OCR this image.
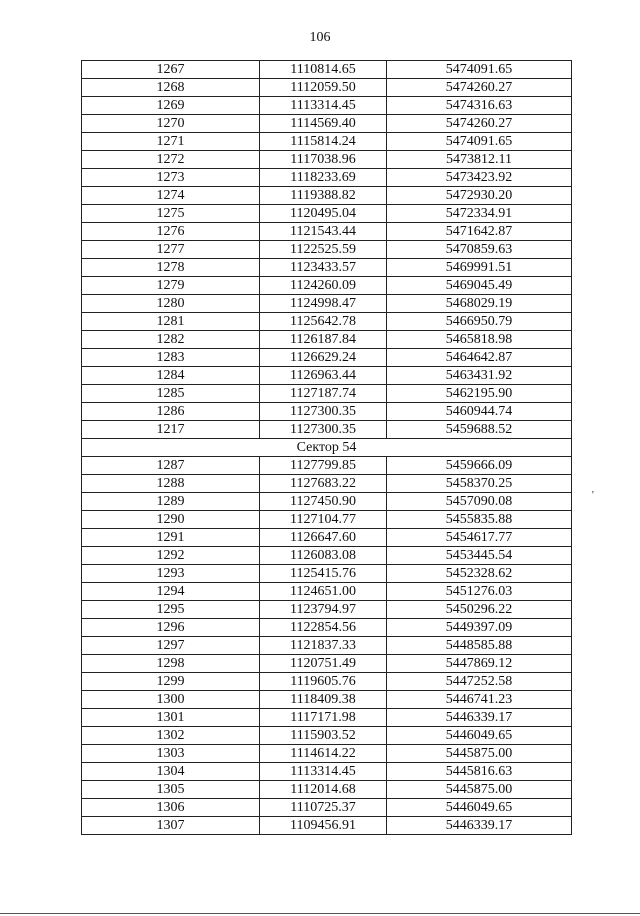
106
1267	1110814.65	5474091.65
1268	1112059.50	5474260.27
1269	1113314.45	5474316.63
1270	1114569.40	5474260.27
1271	1115814.24	5474091.65
1272	1117038.96	5473812.11
1273	1118233.69	5473423.92
1274	1119388.82	5472930.20
1275	1120495.04	5472334.91
1276	1121543.44	5471642.87
1277	1122525.59	5470859.63
1278	1123433.57	5469991.51
1279	1124260.09	5469045.49
1280	1124998.47	5468029.19
1281	1125642.78	5466950.79
1282	1126187.84	5465818.98
1283	1126629.24	5464642.87
1284	1126963.44	5463431.92
1285	1127187.74	5462195.90
1286	1127300.35	5460944.74
1217	1127300.35	5459688.52
Сектор 54		
1287	1127799.85	5459666.09
1288	1127683.22	5458370.25
1289	1127450.90	5457090.08
1290	1127104.77	5455835.88
1291	1126647.60	5454617.77
1292	1126083.08	5453445.54
1293	1125415.76	5452328.62
1294	1124651.00	5451276.03
1295	1123794.97	5450296.22
1296	1122854.56	5449397.09
1297	1121837.33	5448585.88
1298	1120751.49	5447869.12
1299	1119605.76	5447252.58
1300	1118409.38	5446741.23
1301	1117171.98	5446339.17
1302	1115903.52	5446049.65
1303	1114614.22	5445875.00
1304	1113314.45	5445816.63
1305	1112014.68	5445875.00
1306	1110725.37	5446049.65
1307	1109456.91	5446339.17
'
